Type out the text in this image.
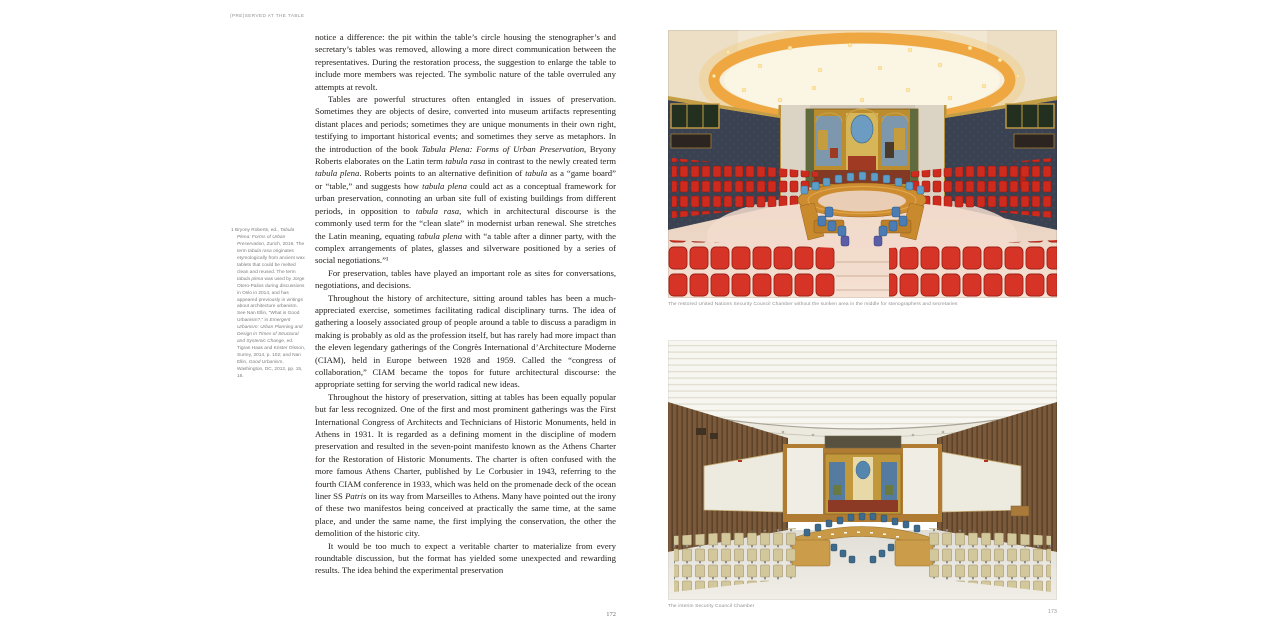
(PRE)SERVED AT THE TABLE
1 Bryony Roberts, ed., Tabula Plena: Forms of Urban Preservation, Zurich, 2016. The term tabula rasa originates etymologically from ancient wax tablets that could be melted clean and reused. The term tabula plena was used by Jorge Otero-Pailos during discussions in Oslo in 2014, and has appeared previously in writings about architecture urbanism. See Nan Ellin, “What is Good Urbanism?,” in Emergent Urbanism: Urban Planning and Design in Times of Structural and Systemic Change, ed. Tigran Haas and Krister Olsson, Surrey, 2014, p. 102; and Nan Ellin, Good Urbanism, Washington, DC, 2012, pp. 15, 16.

notice a difference: the pit within the table’s circle housing the stenographer’s and secretary’s tables was removed, allowing a more direct communication between the representatives. During the restoration process, the suggestion to enlarge the table to include more members was rejected. The symbolic nature of the table overruled any attempts at revolt.

Tables are powerful structures often entangled in issues of preservation. Sometimes they are objects of desire, converted into museum artifacts representing distant places and periods; sometimes they are unique monuments in their own right, testifying to important historical events; and sometimes they serve as metaphors. In the introduction of the book Tabula Plena: Forms of Urban Preservation, Bryony Roberts elaborates on the Latin term tabula rasa in contrast to the newly created term tabula plena. Roberts points to an alternative definition of tabula as a “game board” or “table,” and suggests how tabula plena could act as a conceptual framework for urban preservation, connoting an urban site full of existing buildings from different periods, in opposition to tabula rasa, which in architectural discourse is the commonly used term for the “clean slate” in modernist urban renewal. She stretches the Latin meaning, equating tabula plena with “a table after a dinner party, with the complex arrangements of plates, glasses and silverware positioned by a series of social negotiations.”¹

For preservation, tables have played an important role as sites for conversations, negotiations, and decisions.

Throughout the history of architecture, sitting around tables has been a much-appreciated exercise, sometimes facilitating radical disciplinary turns. The idea of gathering a loosely associated group of people around a table to discuss a paradigm in making is probably as old as the profession itself, but has rarely had more impact than the eleven legendary gatherings of the Congrès International d’Architecture Moderne (CIAM), held in Europe between 1928 and 1959. Called the “congress of collaboration,” CIAM became the topos for future architectural discourse: the appropriate setting for serving the world radical new ideas.

Throughout the history of preservation, sitting at tables has been equally popular but far less recognized. One of the first and most prominent gatherings was the First International Congress of Architects and Technicians of Historic Monuments, held in Athens in 1931. It is regarded as a defining moment in the discipline of modern preservation and resulted in the seven-point manifesto known as the Athens Charter for the Restoration of Historic Monuments. The charter is often confused with the more famous Athens Charter, published by Le Corbusier in 1943, referring to the fourth CIAM conference in 1933, which was held on the promenade deck of the ocean liner SS Patris on its way from Marseilles to Athens. Many have pointed out the irony of these two manifestos being conceived at practically the same time, at the same place, and under the same name, the first implying the conservation, the other the demolition of the historic city.

It would be too much to expect a veritable charter to materialize from every roundtable discussion, but the format has yielded some unexpected and rewarding results. The idea behind the experimental preservation

172
The restored United Nations Security Council Chamber without the sunken area in the middle for stenographers and secretaries
The interim Security Council Chamber
173
